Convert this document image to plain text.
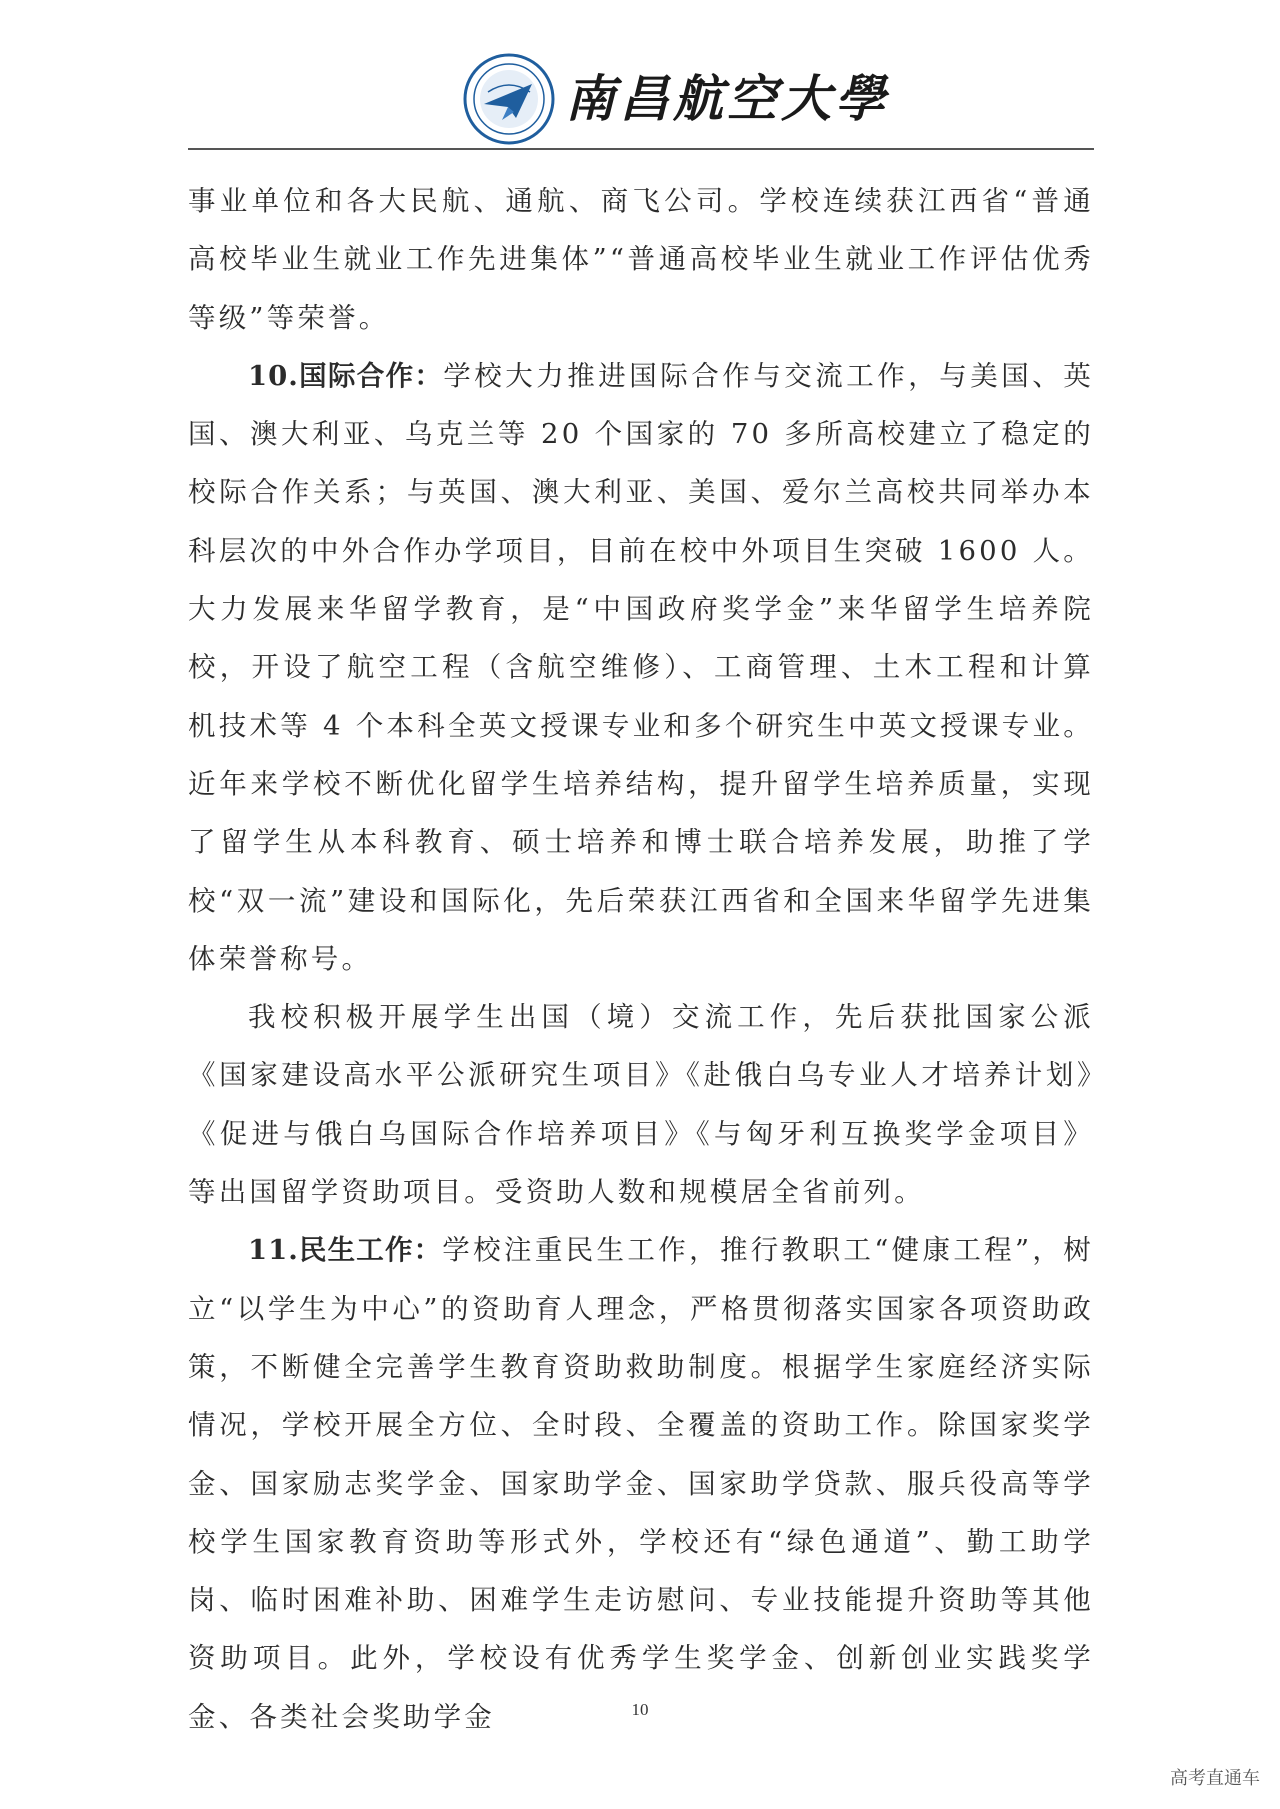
南昌航空大學

事业单位和各大民航、通航、商飞公司。学校连续获江西省“普通高校毕业生就业工作先进集体”“普通高校毕业生就业工作评估优秀等级”等荣誉。

10.国际合作：学校大力推进国际合作与交流工作，与美国、英国、澳大利亚、乌克兰等 20 个国家的 70 多所高校建立了稳定的校际合作关系；与英国、澳大利亚、美国、爱尔兰高校共同举办本科层次的中外合作办学项目，目前在校中外项目生突破 1600 人。大力发展来华留学教育，是“中国政府奖学金”来华留学生培养院校，开设了航空工程（含航空维修）、工商管理、土木工程和计算机技术等 4 个本科全英文授课专业和多个研究生中英文授课专业。近年来学校不断优化留学生培养结构，提升留学生培养质量，实现了留学生从本科教育、硕士培养和博士联合培养发展，助推了学校“双一流”建设和国际化，先后荣获江西省和全国来华留学先进集体荣誉称号。

我校积极开展学生出国（境）交流工作，先后获批国家公派《国家建设高水平公派研究生项目》《赴俄白乌专业人才培养计划》《促进与俄白乌国际合作培养项目》《与匈牙利互换奖学金项目》等出国留学资助项目。受资助人数和规模居全省前列。

11.民生工作：学校注重民生工作，推行教职工“健康工程”，树立“以学生为中心”的资助育人理念，严格贯彻落实国家各项资助政策，不断健全完善学生教育资助救助制度。根据学生家庭经济实际情况，学校开展全方位、全时段、全覆盖的资助工作。除国家奖学金、国家励志奖学金、国家助学金、国家助学贷款、服兵役高等学校学生国家教育资助等形式外，学校还有“绿色通道”、勤工助学岗、临时困难补助、困难学生走访慰问、专业技能提升资助等其他资助项目。此外，学校设有优秀学生奖学金、创新创业实践奖学金、各类社会奖助学金	10
高考直通车
